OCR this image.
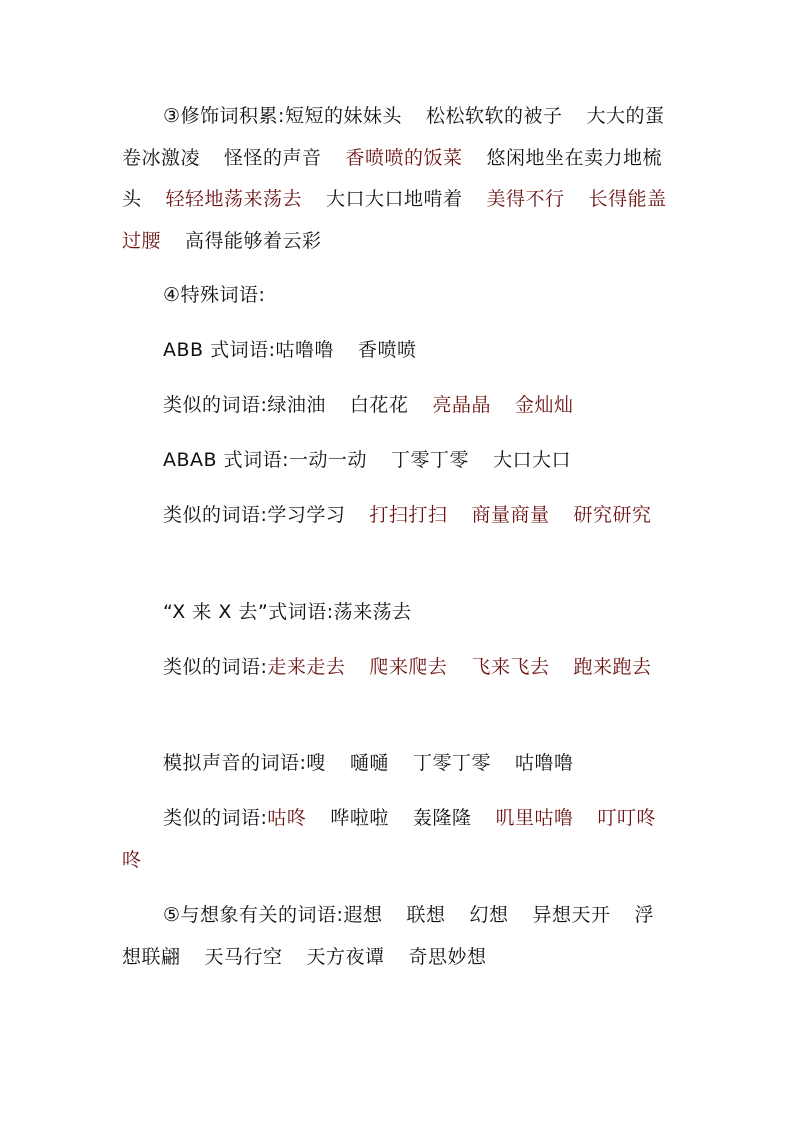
③修饰词积累:短短的妹妹头 松松软软的被子 大大的蛋卷冰激凌 怪怪的声音 香喷喷的饭菜 悠闲地坐在卖力地梳头 轻轻地荡来荡去 大口大口地啃着 美得不行 长得能盖过腰 高得能够着云彩

④特殊词语:

ABB 式词语:咕噜噜 香喷喷

类似的词语:绿油油 白花花 亮晶晶 金灿灿

ABAB 式词语:一动一动 丁零丁零 大口大口

类似的词语:学习学习 打扫打扫 商量商量 研究研究

“X 来 X 去”式词语:荡来荡去

类似的词语:走来走去 爬来爬去 飞来飞去 跑来跑去

模拟声音的词语:嗖 嗵嗵 丁零丁零 咕噜噜

类似的词语:咕咚 哗啦啦 轰隆隆 叽里咕噜 叮叮咚咚

⑤与想象有关的词语:遐想 联想 幻想 异想天开 浮想联翩 天马行空 天方夜谭 奇思妙想
